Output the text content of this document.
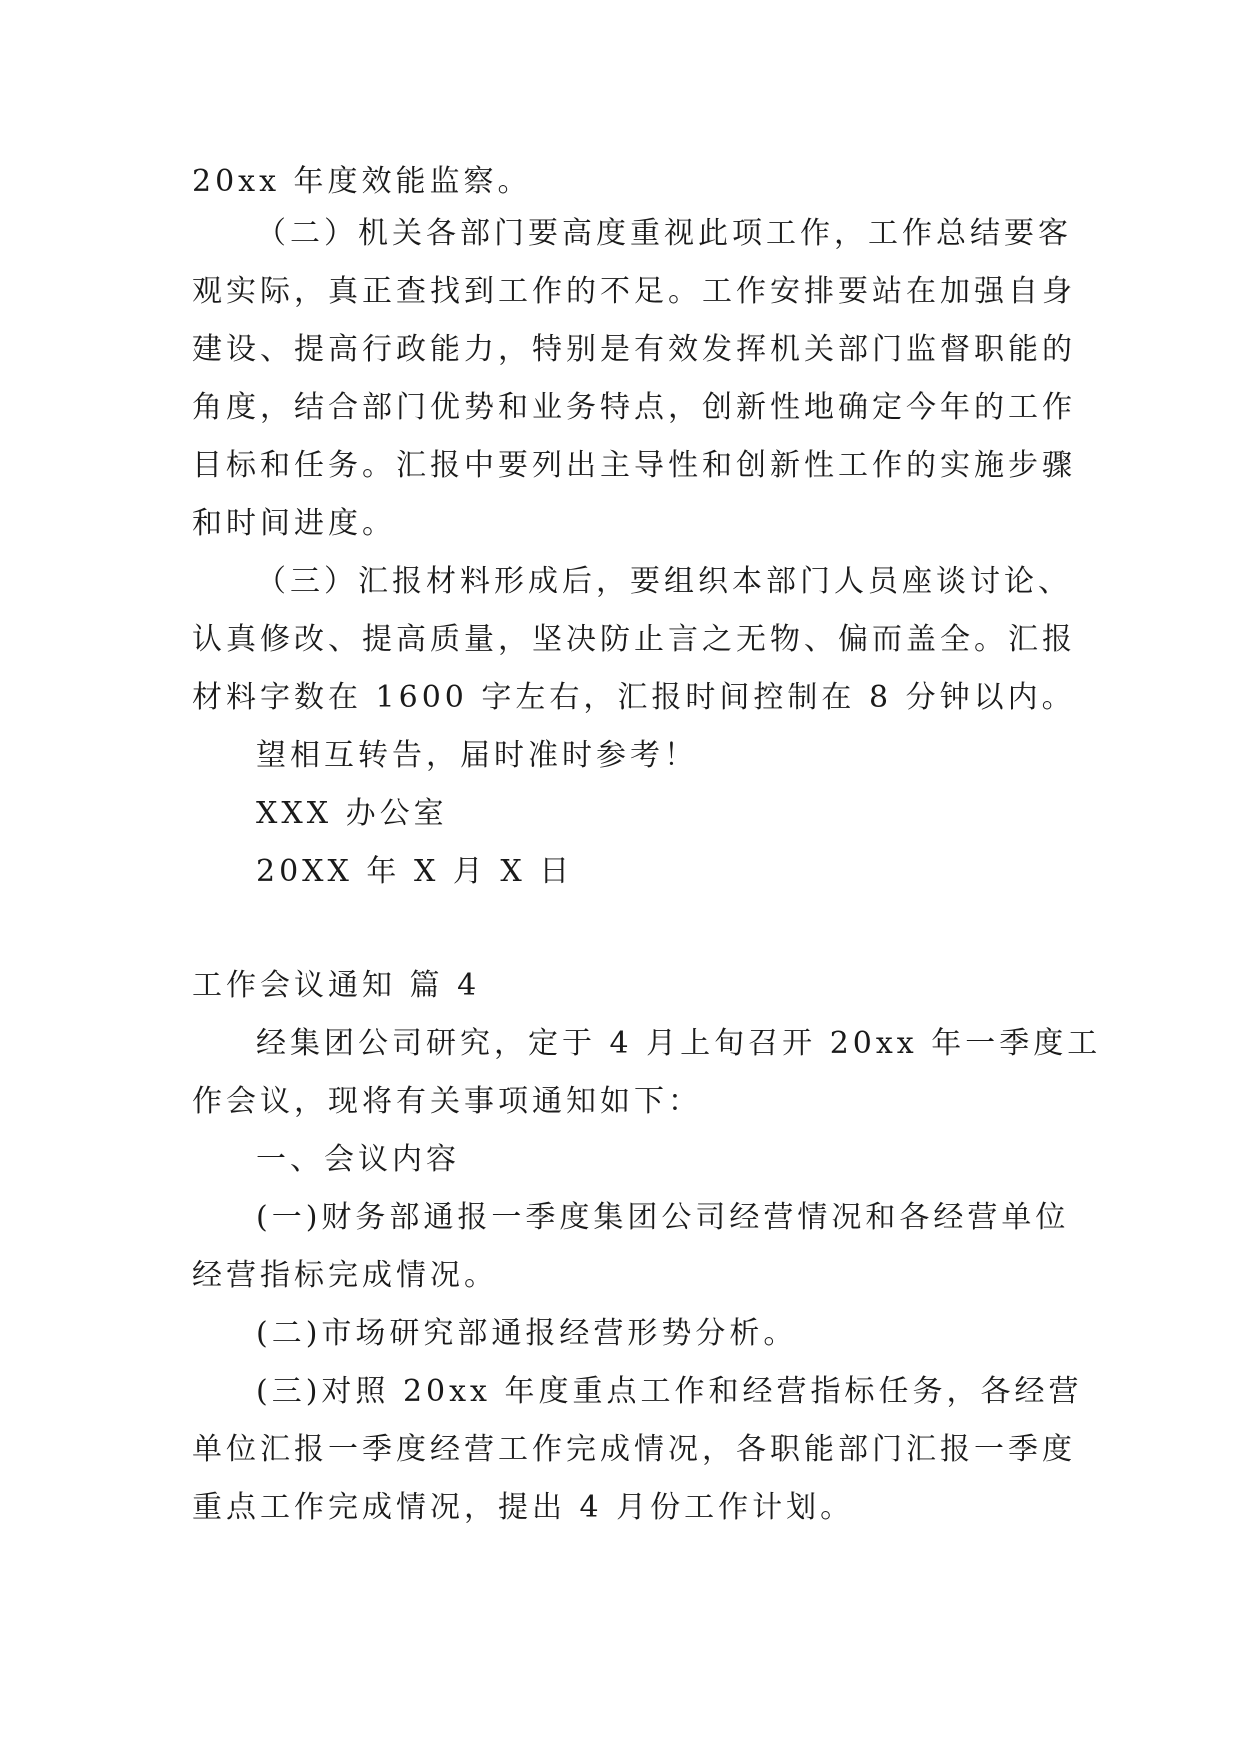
20xx 年度效能监察。
（二）机关各部门要高度重视此项工作，工作总结要客
观实际，真正查找到工作的不足。工作安排要站在加强自身
建设、提高行政能力，特别是有效发挥机关部门监督职能的
角度，结合部门优势和业务特点，创新性地确定今年的工作
目标和任务。汇报中要列出主导性和创新性工作的实施步骤
和时间进度。
（三）汇报材料形成后，要组织本部门人员座谈讨论、
认真修改、提高质量，坚决防止言之无物、偏而盖全。汇报
材料字数在 1600 字左右，汇报时间控制在 8 分钟以内。
望相互转告，届时准时参考！
XXX 办公室
20XX 年 X 月 X 日
工作会议通知 篇 4
经集团公司研究，定于 4 月上旬召开 20xx 年一季度工
作会议，现将有关事项通知如下：
一、会议内容
(一)财务部通报一季度集团公司经营情况和各经营单位
经营指标完成情况。
(二)市场研究部通报经营形势分析。
(三)对照 20xx 年度重点工作和经营指标任务，各经营
单位汇报一季度经营工作完成情况，各职能部门汇报一季度
重点工作完成情况，提出 4 月份工作计划。
